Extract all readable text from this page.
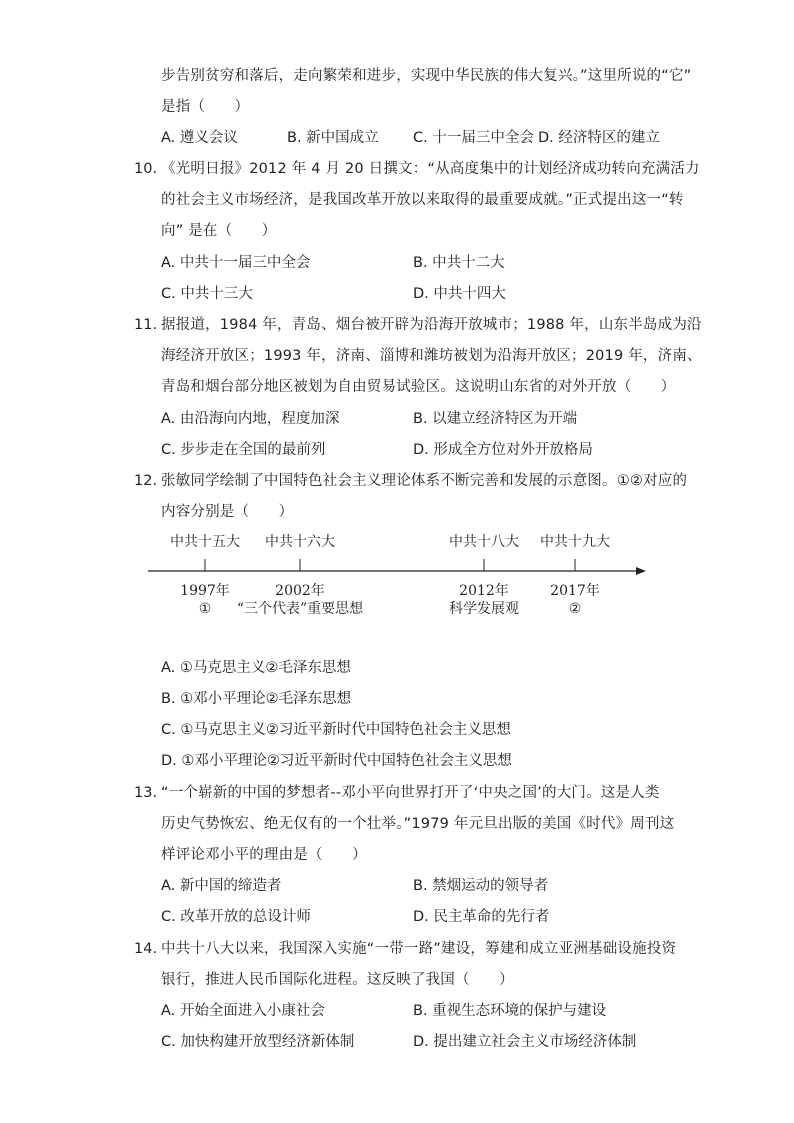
步告别贫穷和落后，走向繁荣和进步，实现中华民族的伟大复兴。”这里所说的“它”
是指（　　）
A. 遵义会议	B. 新中国成立 C. 十一届三中全会 D. 经济特区的建立
10. 《光明日报》2012 年 4 月 20 日撰文：“从高度集中的计划经济成功转向充满活力
的社会主义市场经济，是我国改革开放以来取得的最重要成就。”正式提出这一“转
向” 是在（　　）
A. 中共十一届三中全会	B. 中共十二大
C. 中共十三大	D. 中共十四大
11. 据报道，1984 年，青岛、烟台被开辟为沿海开放城市；1988 年，山东半岛成为沿
海经济开放区；1993 年，济南、淄博和潍坊被划为沿海开放区；2019 年，济南、
青岛和烟台部分地区被划为自由贸易试验区。这说明山东省的对外开放（　　）
A. 由沿海向内地，程度加深	B. 以建立经济特区为开端
C. 步步走在全国的最前列	D. 形成全方位对外开放格局
12. 张敏同学绘制了中国特色社会主义理论体系不断完善和发展的示意图。①②对应的
内容分别是（　　）
中共十五大 中共十六大	中共十八大 中共十九大
1997年	2002年	2012年	2017年
① “三个代表”重要思想	科学发展观	②
A. ①马克思主义②毛泽东思想
B. ①邓小平理论②毛泽东思想
C. ①马克思主义②习近平新时代中国特色社会主义思想
D. ①邓小平理论②习近平新时代中国特色社会主义思想
13. “一个崭新的中国的梦想者--邓小平向世界打开了‘中央之国’的大门。这是人类
历史气势恢宏、绝无仅有的一个壮举。”1979 年元旦出版的美国《时代》周刊这
样评论邓小平的理由是（　　）
A. 新中国的缔造者	B. 禁烟运动的领导者
C. 改革开放的总设计师	D. 民主革命的先行者
14. 中共十八大以来，我国深入实施“一带一路”建设，筹建和成立亚洲基础设施投资
银行，推进人民币国际化进程。这反映了我国（　　）
A. 开始全面进入小康社会	B. 重视生态环境的保护与建设
C. 加快构建开放型经济新体制	D. 提出建立社会主义市场经济体制
